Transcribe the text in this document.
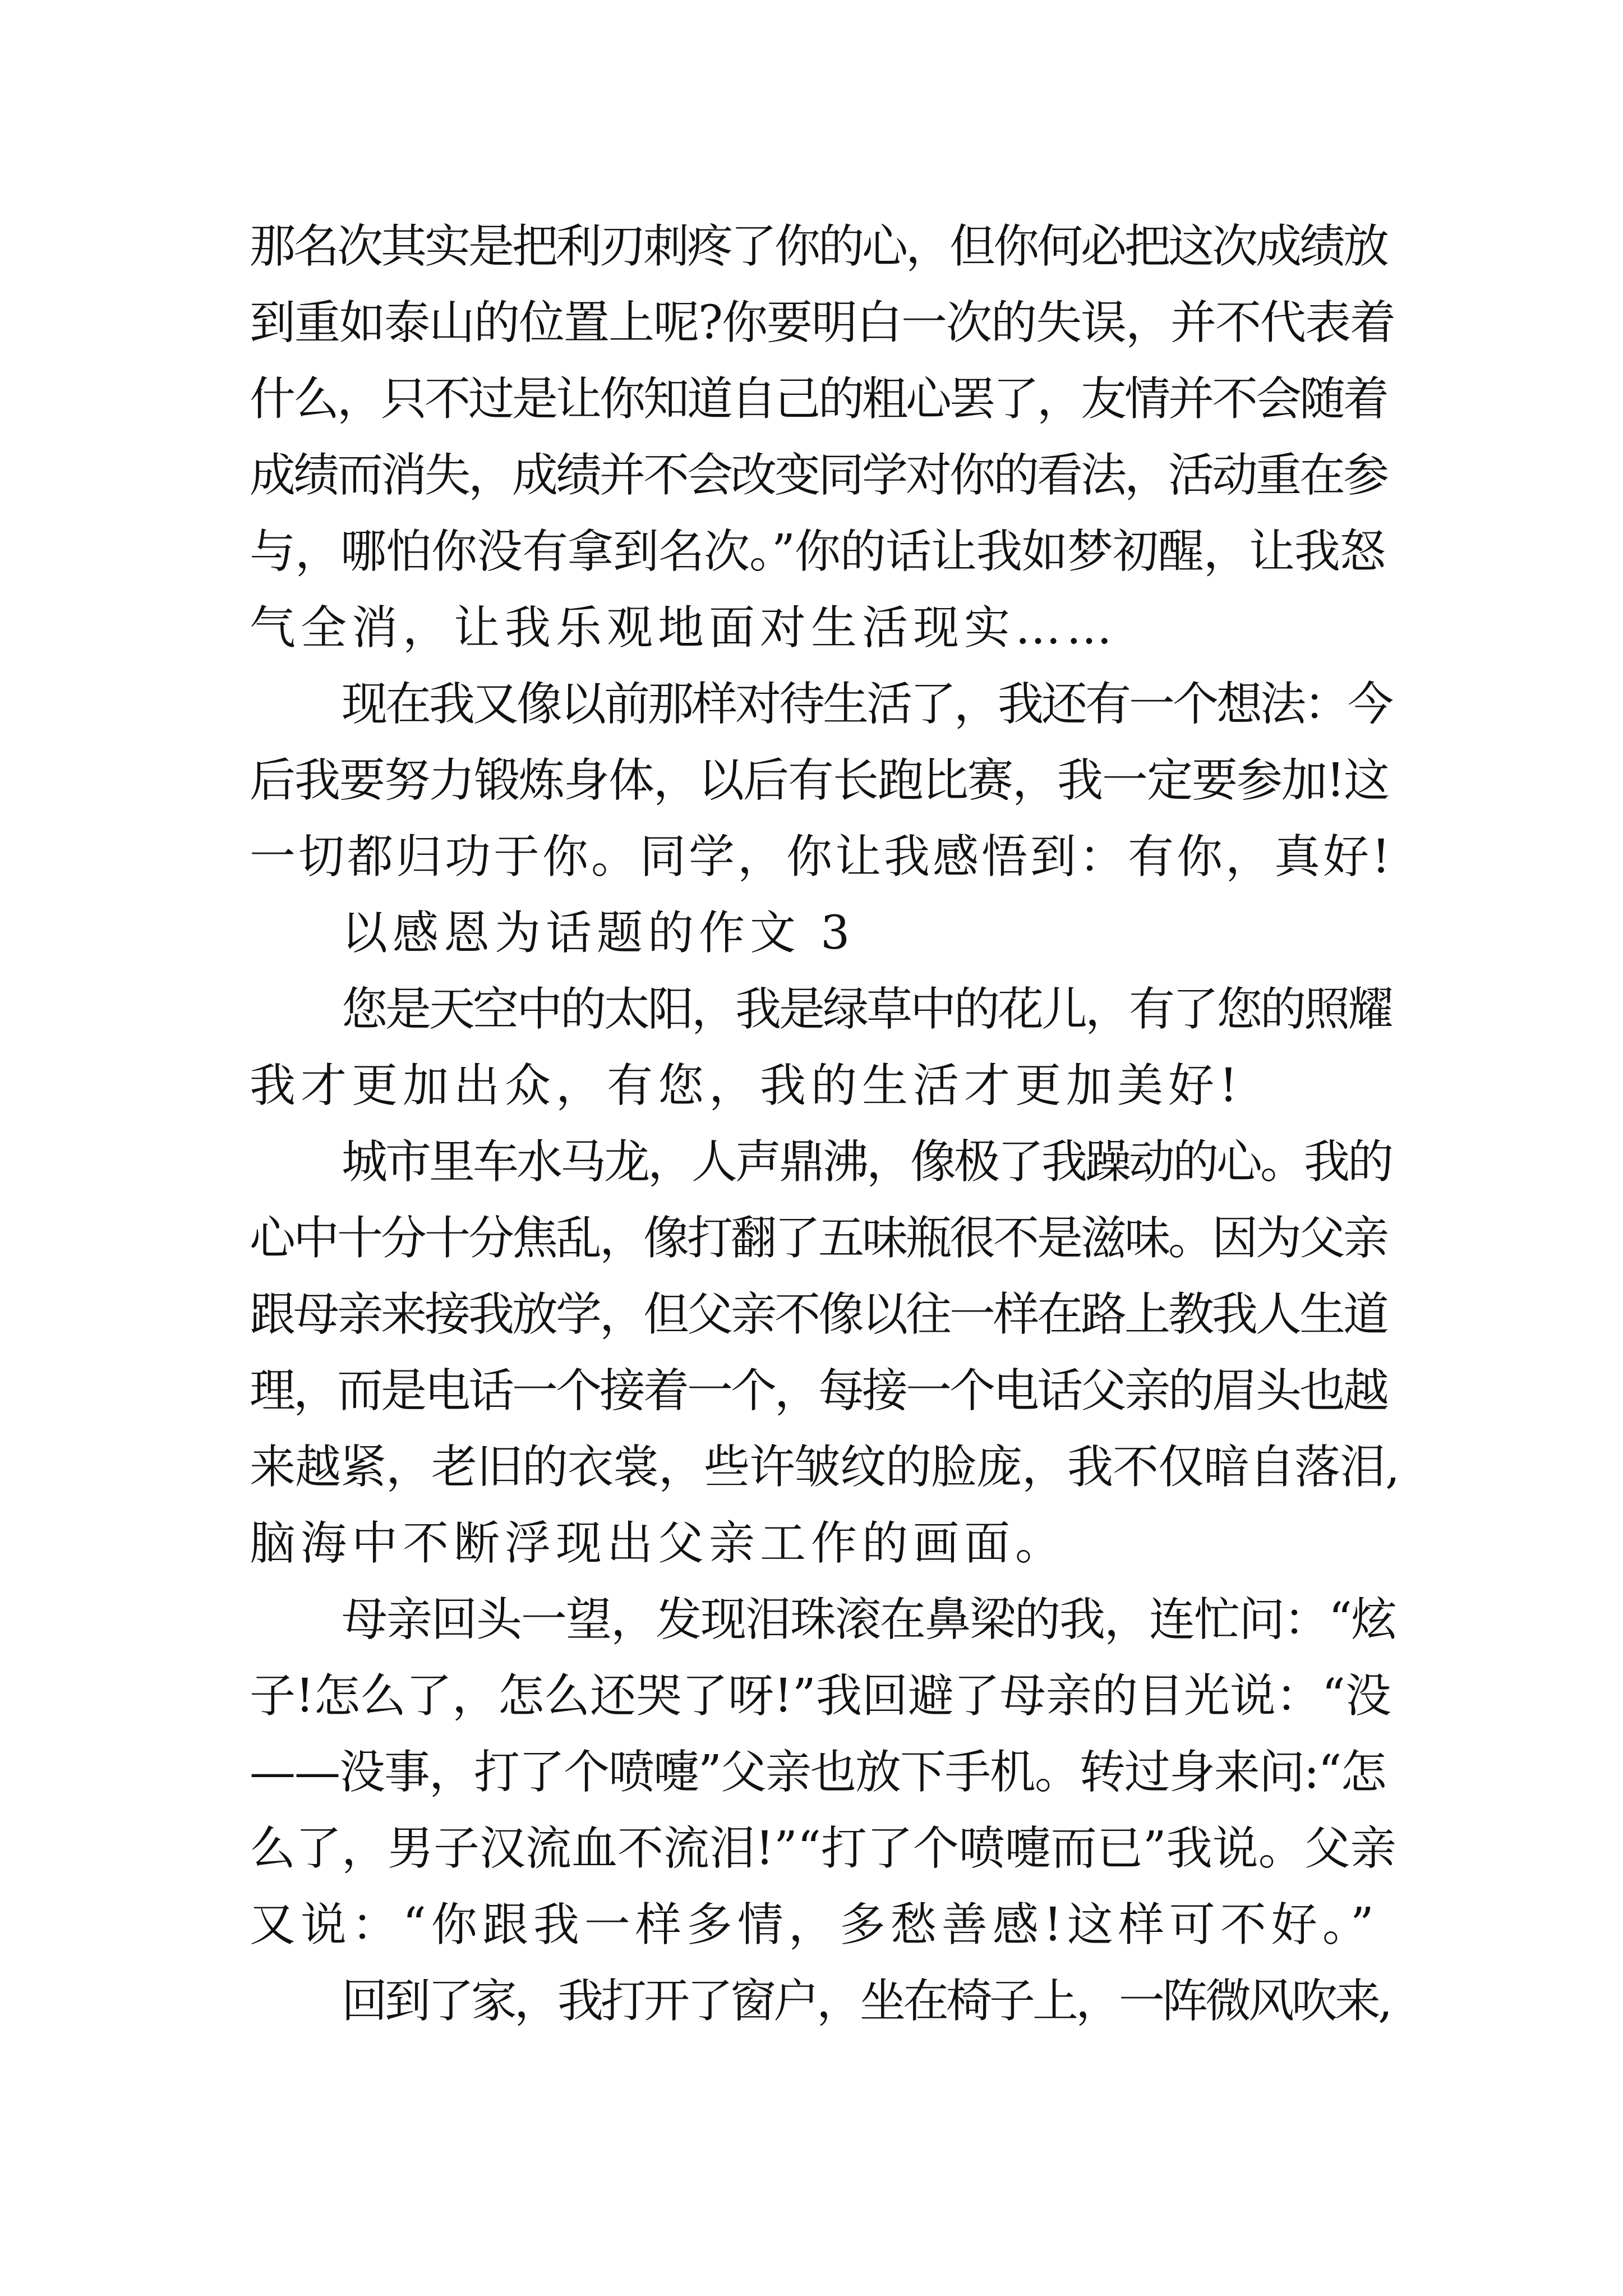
那名次其实是把利刃刺疼了你的心，但你何必把这次成绩放
到重如泰山的位置上呢?你要明白一次的失误，并不代表着
什么，只不过是让你知道自己的粗心罢了，友情并不会随着
成绩而消失，成绩并不会改变同学对你的看法，活动重在参
与，哪怕你没有拿到名次。”你的话让我如梦初醒，让我怒
气全消，让我乐观地面对生活现实……
现在我又像以前那样对待生活了，我还有一个想法：今
后我要努力锻炼身体，以后有长跑比赛，我一定要参加!这
一切都归功于你。同学，你让我感悟到：有你，真好!
以感恩为话题的作文 3
您是天空中的太阳，我是绿草中的花儿，有了您的照耀
我才更加出众，有您，我的生活才更加美好!
城市里车水马龙，人声鼎沸，像极了我躁动的心。我的
心中十分十分焦乱，像打翻了五味瓶很不是滋味。因为父亲
跟母亲来接我放学，但父亲不像以往一样在路上教我人生道
理，而是电话一个接着一个，每接一个电话父亲的眉头也越
来越紧，老旧的衣裳，些许皱纹的脸庞，我不仅暗自落泪,
脑海中不断浮现出父亲工作的画面。
母亲回头一望，发现泪珠滚在鼻梁的我，连忙问：“炫
子!怎么了，怎么还哭了呀!”我回避了母亲的目光说：“没
——没事，打了个喷嚏”父亲也放下手机。转过身来问:“怎
么了，男子汉流血不流泪!”“打了个喷嚏而已”我说。父亲
又说：“你跟我一样多情，多愁善感!这样可不好。”
回到了家，我打开了窗户，坐在椅子上，一阵微风吹来,
